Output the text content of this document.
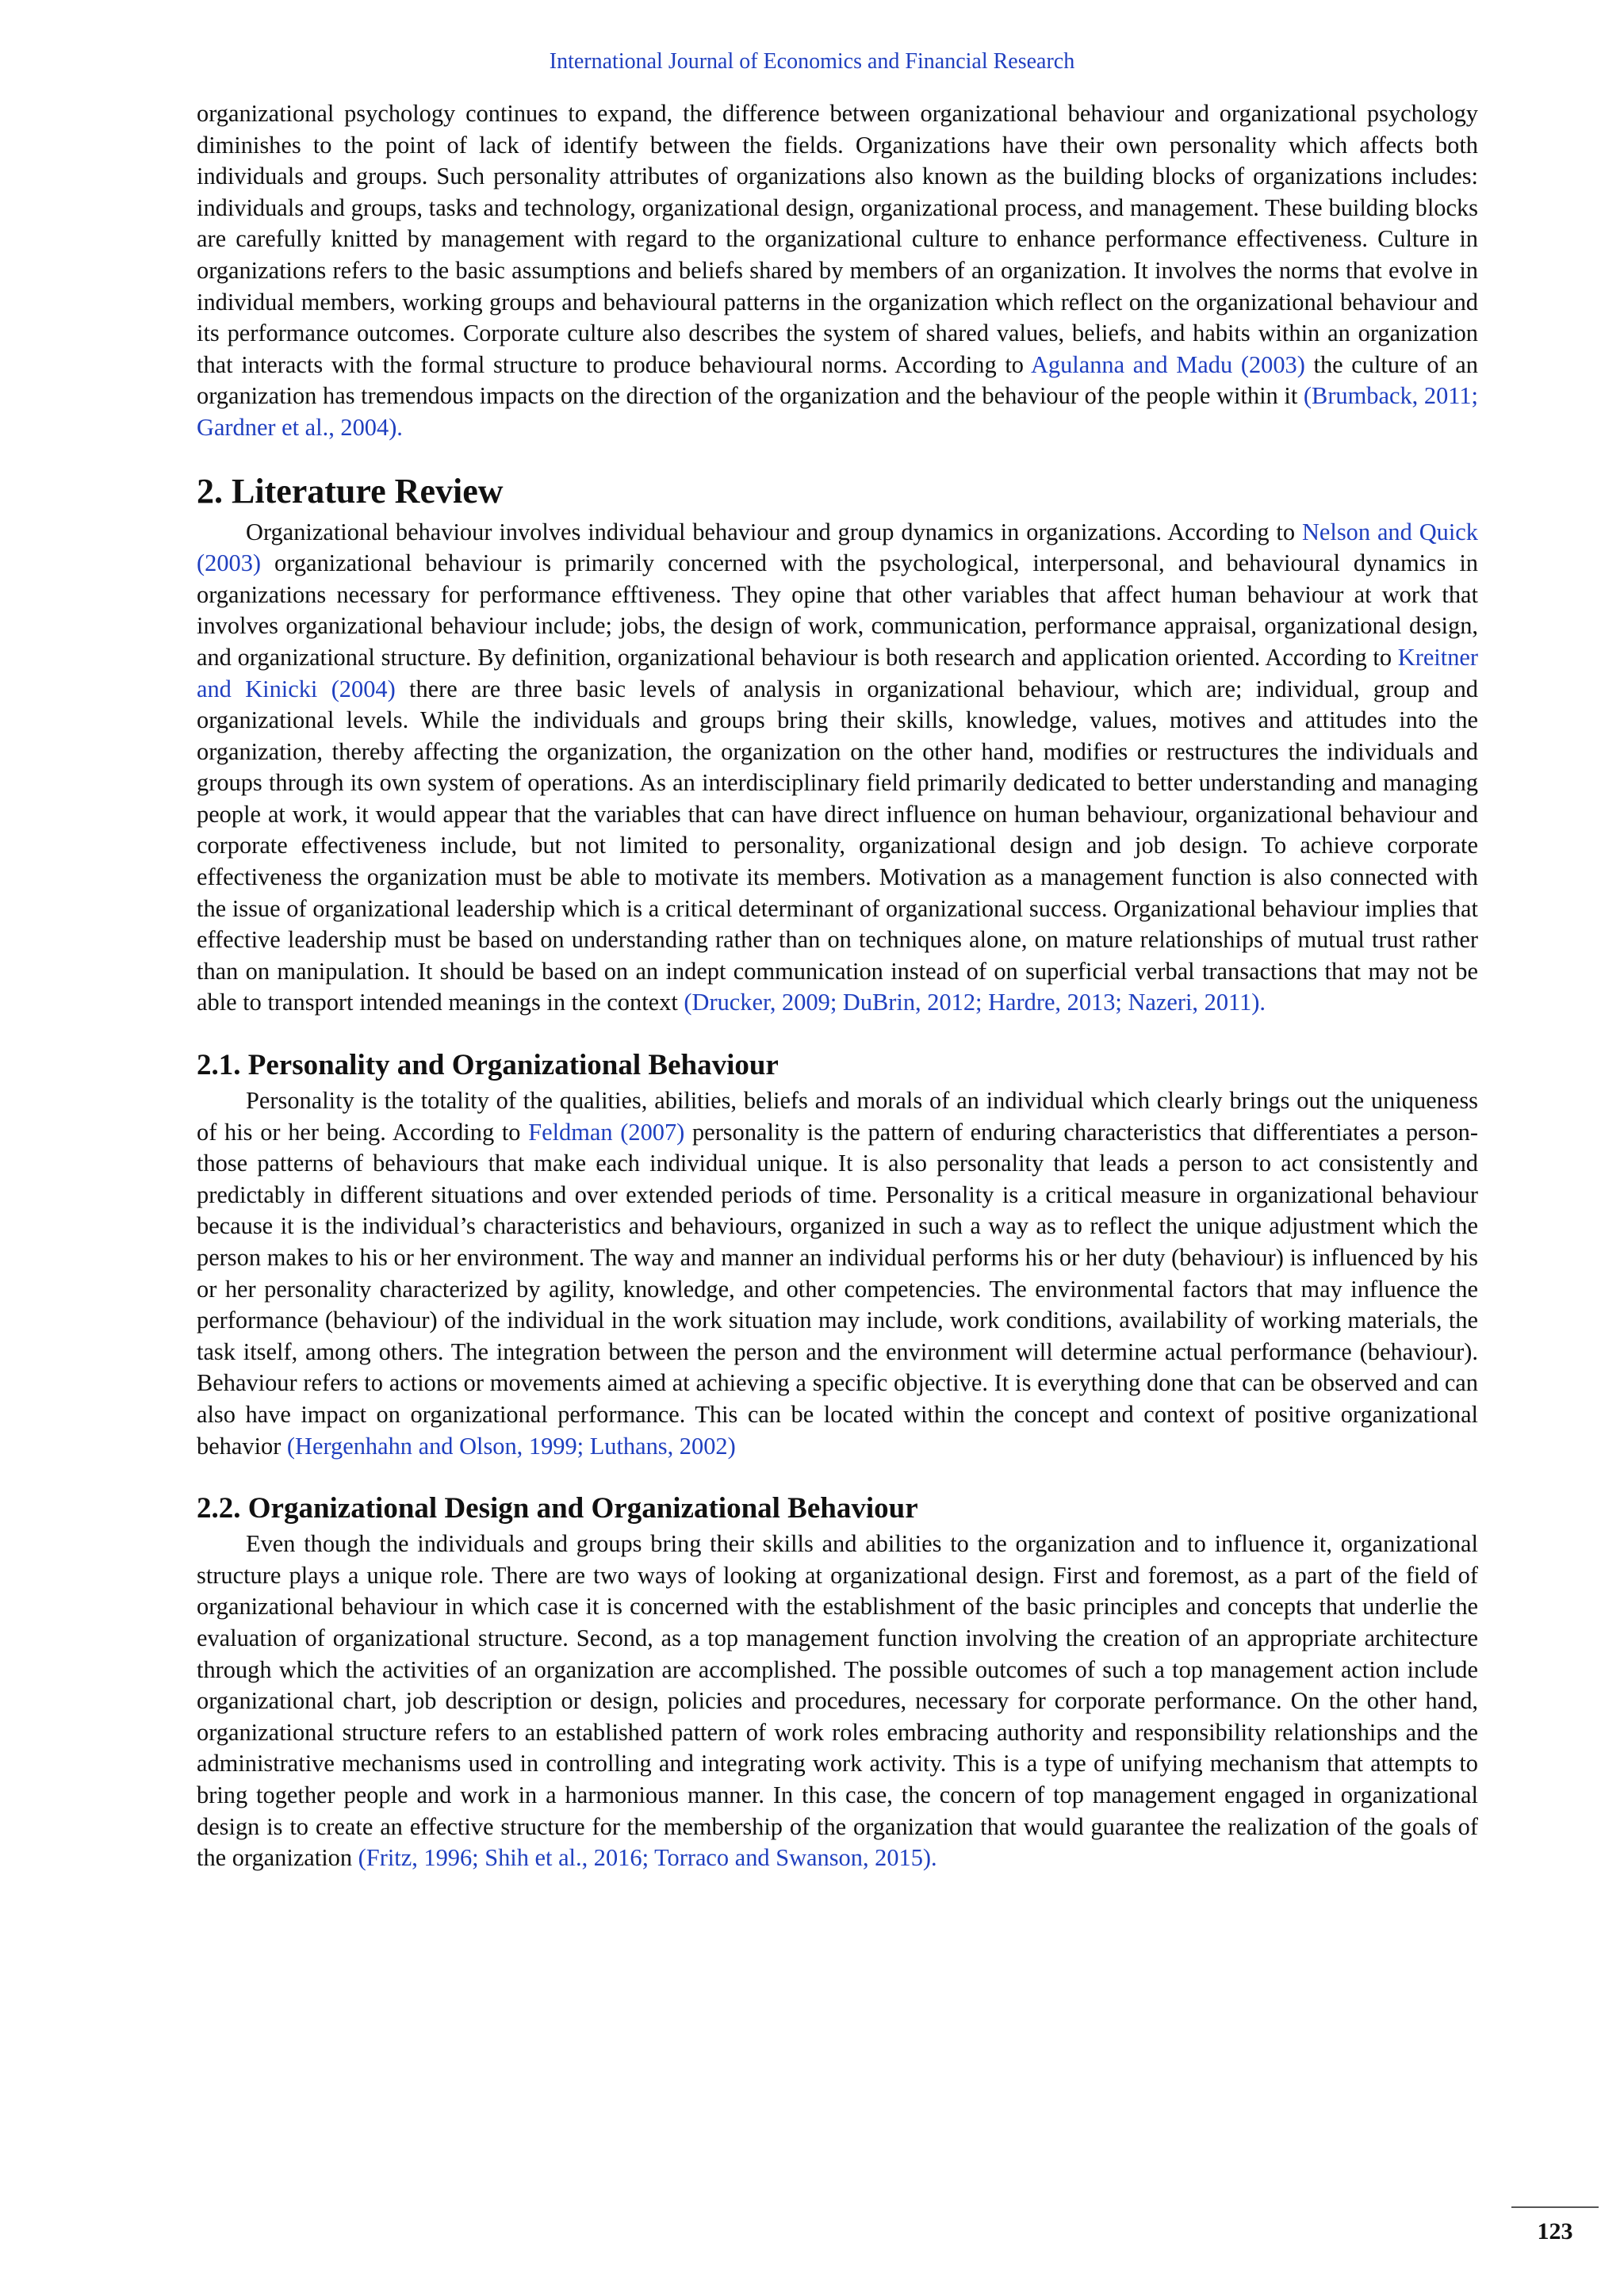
International Journal of Economics and Financial Research

organizational psychology continues to expand, the difference between organizational behaviour and organizational psychology diminishes to the point of lack of identify between the fields. Organizations have their own personality which affects both individuals and groups. Such personality attributes of organizations also known as the building blocks of organizations includes: individuals and groups, tasks and technology, organizational design, organizational process, and management. These building blocks are carefully knitted by management with regard to the organizational culture to enhance performance effectiveness. Culture in organizations refers to the basic assumptions and beliefs shared by members of an organization. It involves the norms that evolve in individual members, working groups and behavioural patterns in the organization which reflect on the organizational behaviour and its performance outcomes. Corporate culture also describes the system of shared values, beliefs, and habits within an organization that interacts with the formal structure to produce behavioural norms. According to Agulanna and Madu (2003) the culture of an organization has tremendous impacts on the direction of the organization and the behaviour of the people within it (Brumback, 2011; Gardner et al., 2004).

2. Literature Review

Organizational behaviour involves individual behaviour and group dynamics in organizations. According to Nelson and Quick (2003) organizational behaviour is primarily concerned with the psychological, interpersonal, and behavioural dynamics in organizations necessary for performance efftiveness. They opine that other variables that affect human behaviour at work that involves organizational behaviour include; jobs, the design of work, communication, performance appraisal, organizational design, and organizational structure. By definition, organizational behaviour is both research and application oriented. According to Kreitner and Kinicki (2004) there are three basic levels of analysis in organizational behaviour, which are; individual, group and organizational levels. While the individuals and groups bring their skills, knowledge, values, motives and attitudes into the organization, thereby affecting the organization, the organization on the other hand, modifies or restructures the individuals and groups through its own system of operations. As an interdisciplinary field primarily dedicated to better understanding and managing people at work, it would appear that the variables that can have direct influence on human behaviour, organizational behaviour and corporate effectiveness include, but not limited to personality, organizational design and job design. To achieve corporate effectiveness the organization must be able to motivate its members. Motivation as a management function is also connected with the issue of organizational leadership which is a critical determinant of organizational success. Organizational behaviour implies that effective leadership must be based on understanding rather than on techniques alone, on mature relationships of mutual trust rather than on manipulation. It should be based on an indept communication instead of on superficial verbal transactions that may not be able to transport intended meanings in the context (Drucker, 2009; DuBrin, 2012; Hardre, 2013; Nazeri, 2011).

2.1. Personality and Organizational Behaviour

Personality is the totality of the qualities, abilities, beliefs and morals of an individual which clearly brings out the uniqueness of his or her being. According to Feldman (2007) personality is the pattern of enduring characteristics that differentiates a person-those patterns of behaviours that make each individual unique. It is also personality that leads a person to act consistently and predictably in different situations and over extended periods of time. Personality is a critical measure in organizational behaviour because it is the individual’s characteristics and behaviours, organized in such a way as to reflect the unique adjustment which the person makes to his or her environment. The way and manner an individual performs his or her duty (behaviour) is influenced by his or her personality characterized by agility, knowledge, and other competencies. The environmental factors that may influence the performance (behaviour) of the individual in the work situation may include, work conditions, availability of working materials, the task itself, among others. The integration between the person and the environment will determine actual performance (behaviour). Behaviour refers to actions or movements aimed at achieving a specific objective. It is everything done that can be observed and can also have impact on organizational performance. This can be located within the concept and context of positive organizational behavior (Hergenhahn and Olson, 1999; Luthans, 2002)

2.2. Organizational Design and Organizational Behaviour

Even though the individuals and groups bring their skills and abilities to the organization and to influence it, organizational structure plays a unique role. There are two ways of looking at organizational design. First and foremost, as a part of the field of organizational behaviour in which case it is concerned with the establishment of the basic principles and concepts that underlie the evaluation of organizational structure. Second, as a top management function involving the creation of an appropriate architecture through which the activities of an organization are accomplished. The possible outcomes of such a top management action include organizational chart, job description or design, policies and procedures, necessary for corporate performance. On the other hand, organizational structure refers to an established pattern of work roles embracing authority and responsibility relationships and the administrative mechanisms used in controlling and integrating work activity. This is a type of unifying mechanism that attempts to bring together people and work in a harmonious manner. In this case, the concern of top management engaged in organizational design is to create an effective structure for the membership of the organization that would guarantee the realization of the goals of the organization (Fritz, 1996; Shih et al., 2016; Torraco and Swanson, 2015).

123
